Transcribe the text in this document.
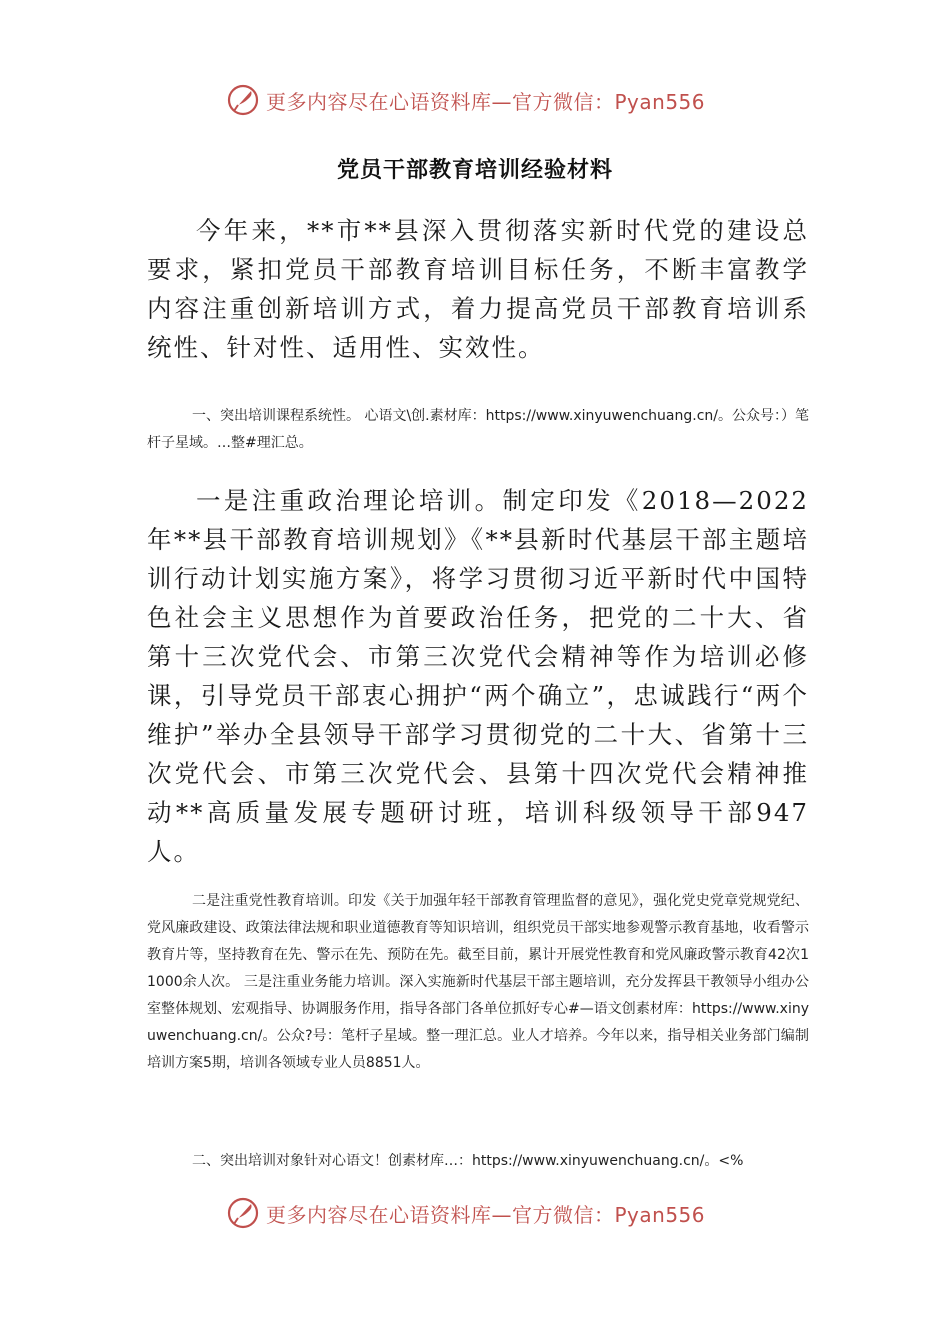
更多内容尽在心语资料库—官方微信：Pyan556
党员干部教育培训经验材料

今年来，**市**县深入贯彻落实新时代党的建设总要求，紧扣党员干部教育培训目标任务，不断丰富教学内容注重创新培训方式，着力提高党员干部教育培训系统性、针对性、适用性、实效性。

一、突出培训课程系统性。 心语文\创.素材库：https://www.xinyuwenchuang.cn/。公众号：）笔杆子星域。…整#理汇总。

一是注重政治理论培训。制定印发《2018—2022年**县干部教育培训规划》《**县新时代基层干部主题培训行动计划实施方案》，将学习贯彻习近平新时代中国特色社会主义思想作为首要政治任务，把党的二十大、省第十三次党代会、市第三次党代会精神等作为培训必修课，引导党员干部衷心拥护“两个确立”，忠诚践行“两个维护”举办全县领导干部学习贯彻党的二十大、省第十三次党代会、市第三次党代会、县第十四次党代会精神推动**高质量发展专题研讨班，培训科级领导干部947人。

二是注重党性教育培训。印发《关于加强年轻干部教育管理监督的意见》，强化党史党章党规党纪、党风廉政建设、政策法律法规和职业道德教育等知识培训，组织党员干部实地参观警示教育基地，收看警示教育片等，坚持教育在先、警示在先、预防在先。截至目前，累计开展党性教育和党风廉政警示教育42次11000余人次。 三是注重业务能力培训。深入实施新时代基层干部主题培训，充分发挥县干教领导小组办公室整体规划、宏观指导、协调服务作用，指导各部门各单位抓好专心#—语文创素材库：https://www.xinyuwenchuang.cn/。公众?号：笔杆子星域。整一理汇总。业人才培养。今年以来，指导相关业务部门编制培训方案5期，培训各领域专业人员8851人。

二、突出培训对象针对心语文！创素材库…：https://www.xinyuwenchuang.cn/。<%

更多内容尽在心语资料库—官方微信：Pyan556
